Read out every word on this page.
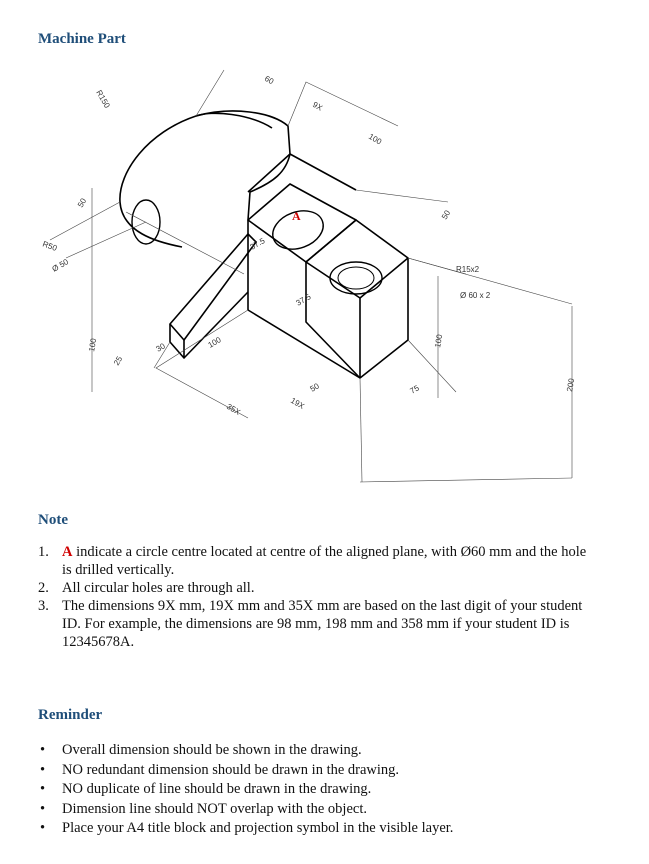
Machine Part
A
R150
60
9X
100
50
R50
Ø 50
37.5
37.5
50
R15x2
Ø 60 x 2
100
25
30	100
35X	19X
50	75
100
200
Note
1. A indicate a circle centre located at centre of the aligned plane, with Ø60 mm and the hole is drilled vertically.
2. All circular holes are through all.
3. The dimensions 9X mm, 19X mm and 35X mm are based on the last digit of your student ID. For example, the dimensions are 98 mm, 198 mm and 358 mm if your student ID is 12345678A.
Reminder
• Overall dimension should be shown in the drawing.
• NO redundant dimension should be drawn in the drawing.
• NO duplicate of line should be drawn in the drawing.
• Dimension line should NOT overlap with the object.
• Place your A4 title block and projection symbol in the visible layer.
